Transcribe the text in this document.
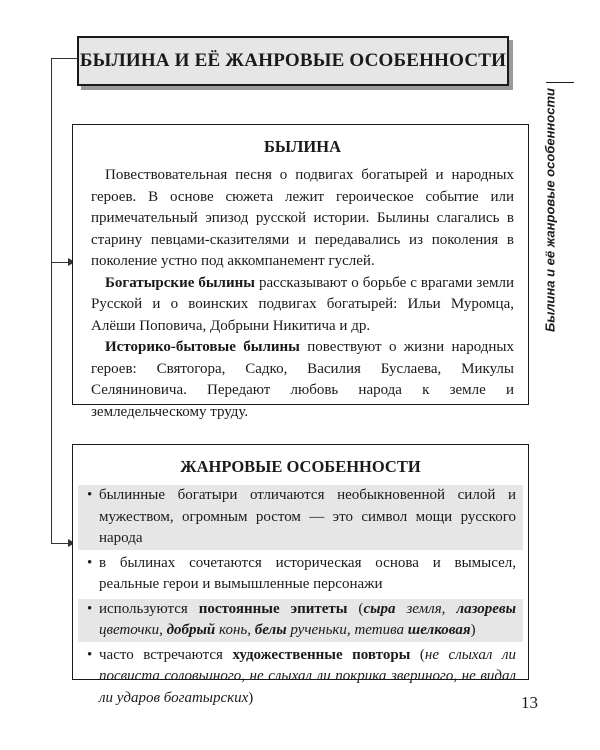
БЫЛИНА И ЕЁ ЖАНРОВЫЕ ОСОБЕННОСТИ
Былина и её жанровые особенности
БЫЛИНА

Повествовательная песня о подвигах богатырей и народных героев. В основе сюжета лежит героическое событие или примечательный эпизод русской истории. Былины слагались в старину певцами-сказителями и передавались из поколения в поколение устно под аккомпанемент гуслей.

Богатырские былины рассказывают о борьбе с врагами земли Русской и о воинских подвигах богатырей: Ильи Муромца, Алёши Поповича, Добрыни Никитича и др.

Историко-бытовые былины повествуют о жизни народных героев: Святогора, Садко, Василия Буслаева, Микулы Селяниновича. Передают любовь народа к земле и земледельческому труду.

ЖАНРОВЫЕ ОСОБЕННОСТИ
• былинные богатыри отличаются необыкновенной силой и мужеством, огромным ростом — это символ мощи русского народа
• в былинах сочетаются историческая основа и вымысел, реальные герои и вымышленные персонажи
• используются постоянные эпитеты (сыра земля, лазоревы цветочки, добрый конь, белы рученьки, тетива шелковая)
• часто встречаются художественные повторы (не слыхал ли посвиста соловьиного, не слыхал ли покрика звериного, не видал ли ударов богатырских)	13
